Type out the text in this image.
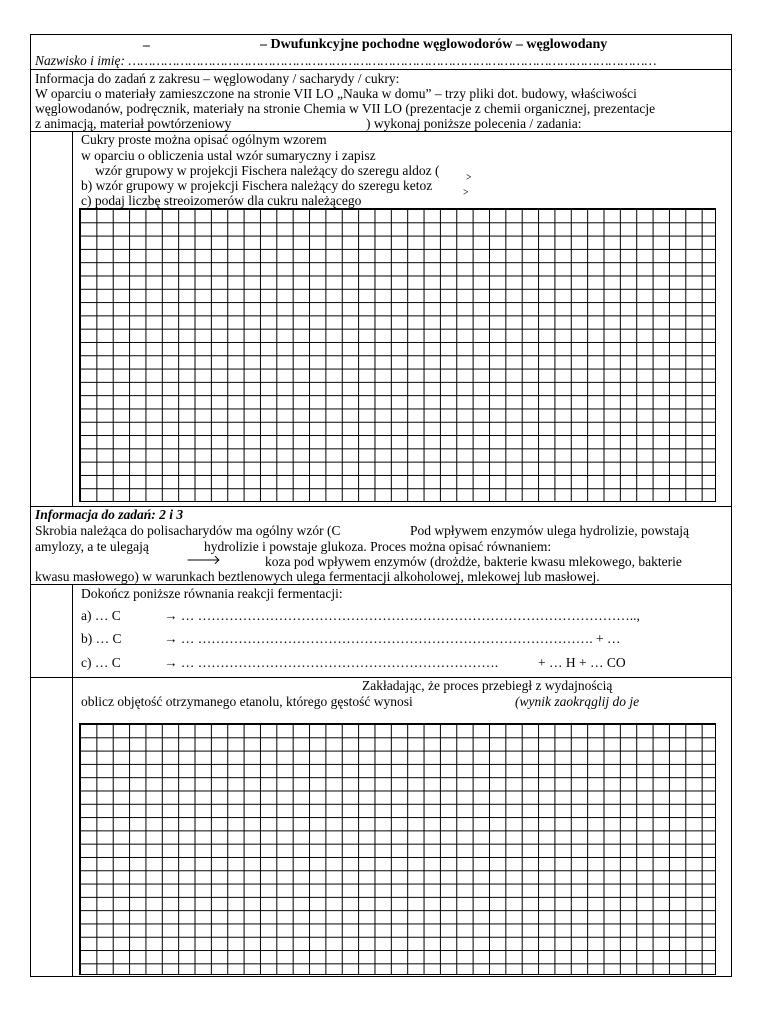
–	– Dwufunkcyjne pochodne węglowodorów – węglowodany
Nazwisko i imię: ……………………………………………………………………………………………………………………
Informacja do zadań z zakresu – węglowodany / sacharydy / cukry:
W oparciu o materiały zamieszczone na stronie VII LO „Nauka w domu” – trzy pliki dot. budowy, właściwości
węglowodanów, podręcznik, materiały na stronie Chemia w VII LO (prezentacje z chemii organicznej, prezentacje
z animacją, materiał powtórzeniowy	) wykonaj poniższe polecenia / zadania:
Cukry proste można opisać ogólnym wzorem
w oparciu o obliczenia ustal wzór sumaryczny i zapisz
wzór grupowy w projekcji Fischera należący do szeregu aldoz ( ﹥
b) wzór grupowy w projekcji Fischera należący do szeregu ketoz ﹥
c) podaj liczbę streoizomerów dla cukru należącego
Informacja do zadań: 2 i 3
Skrobia należąca do polisacharydów ma ogólny wzór (C	Pod wpływem enzymów ulega hydrolizie, powstają
amylozy, a te ulegają	hydrolizie i powstaje glukoza. Proces można opisać równaniem:
🡒	koza pod wpływem enzymów (drożdże, bakterie kwasu mlekowego, bakterie
kwasu masłowego) w warunkach beztlenowych ulega fermentacji alkoholowej, mlekowej lub masłowej.
Dokończ poniższe równania reakcji fermentacji:
a) … C	→ … ……………………………………………………………………………………..,
b) … C	→ … ……………………………………………………………………………. + …
c) … C	→ … ………………………………………………………….	+ … H + … CO
Zakładając, że proces przebiegł z wydajnością
oblicz objętość otrzymanego etanolu, którego gęstość wynosi	(wynik zaokrąglij do je
